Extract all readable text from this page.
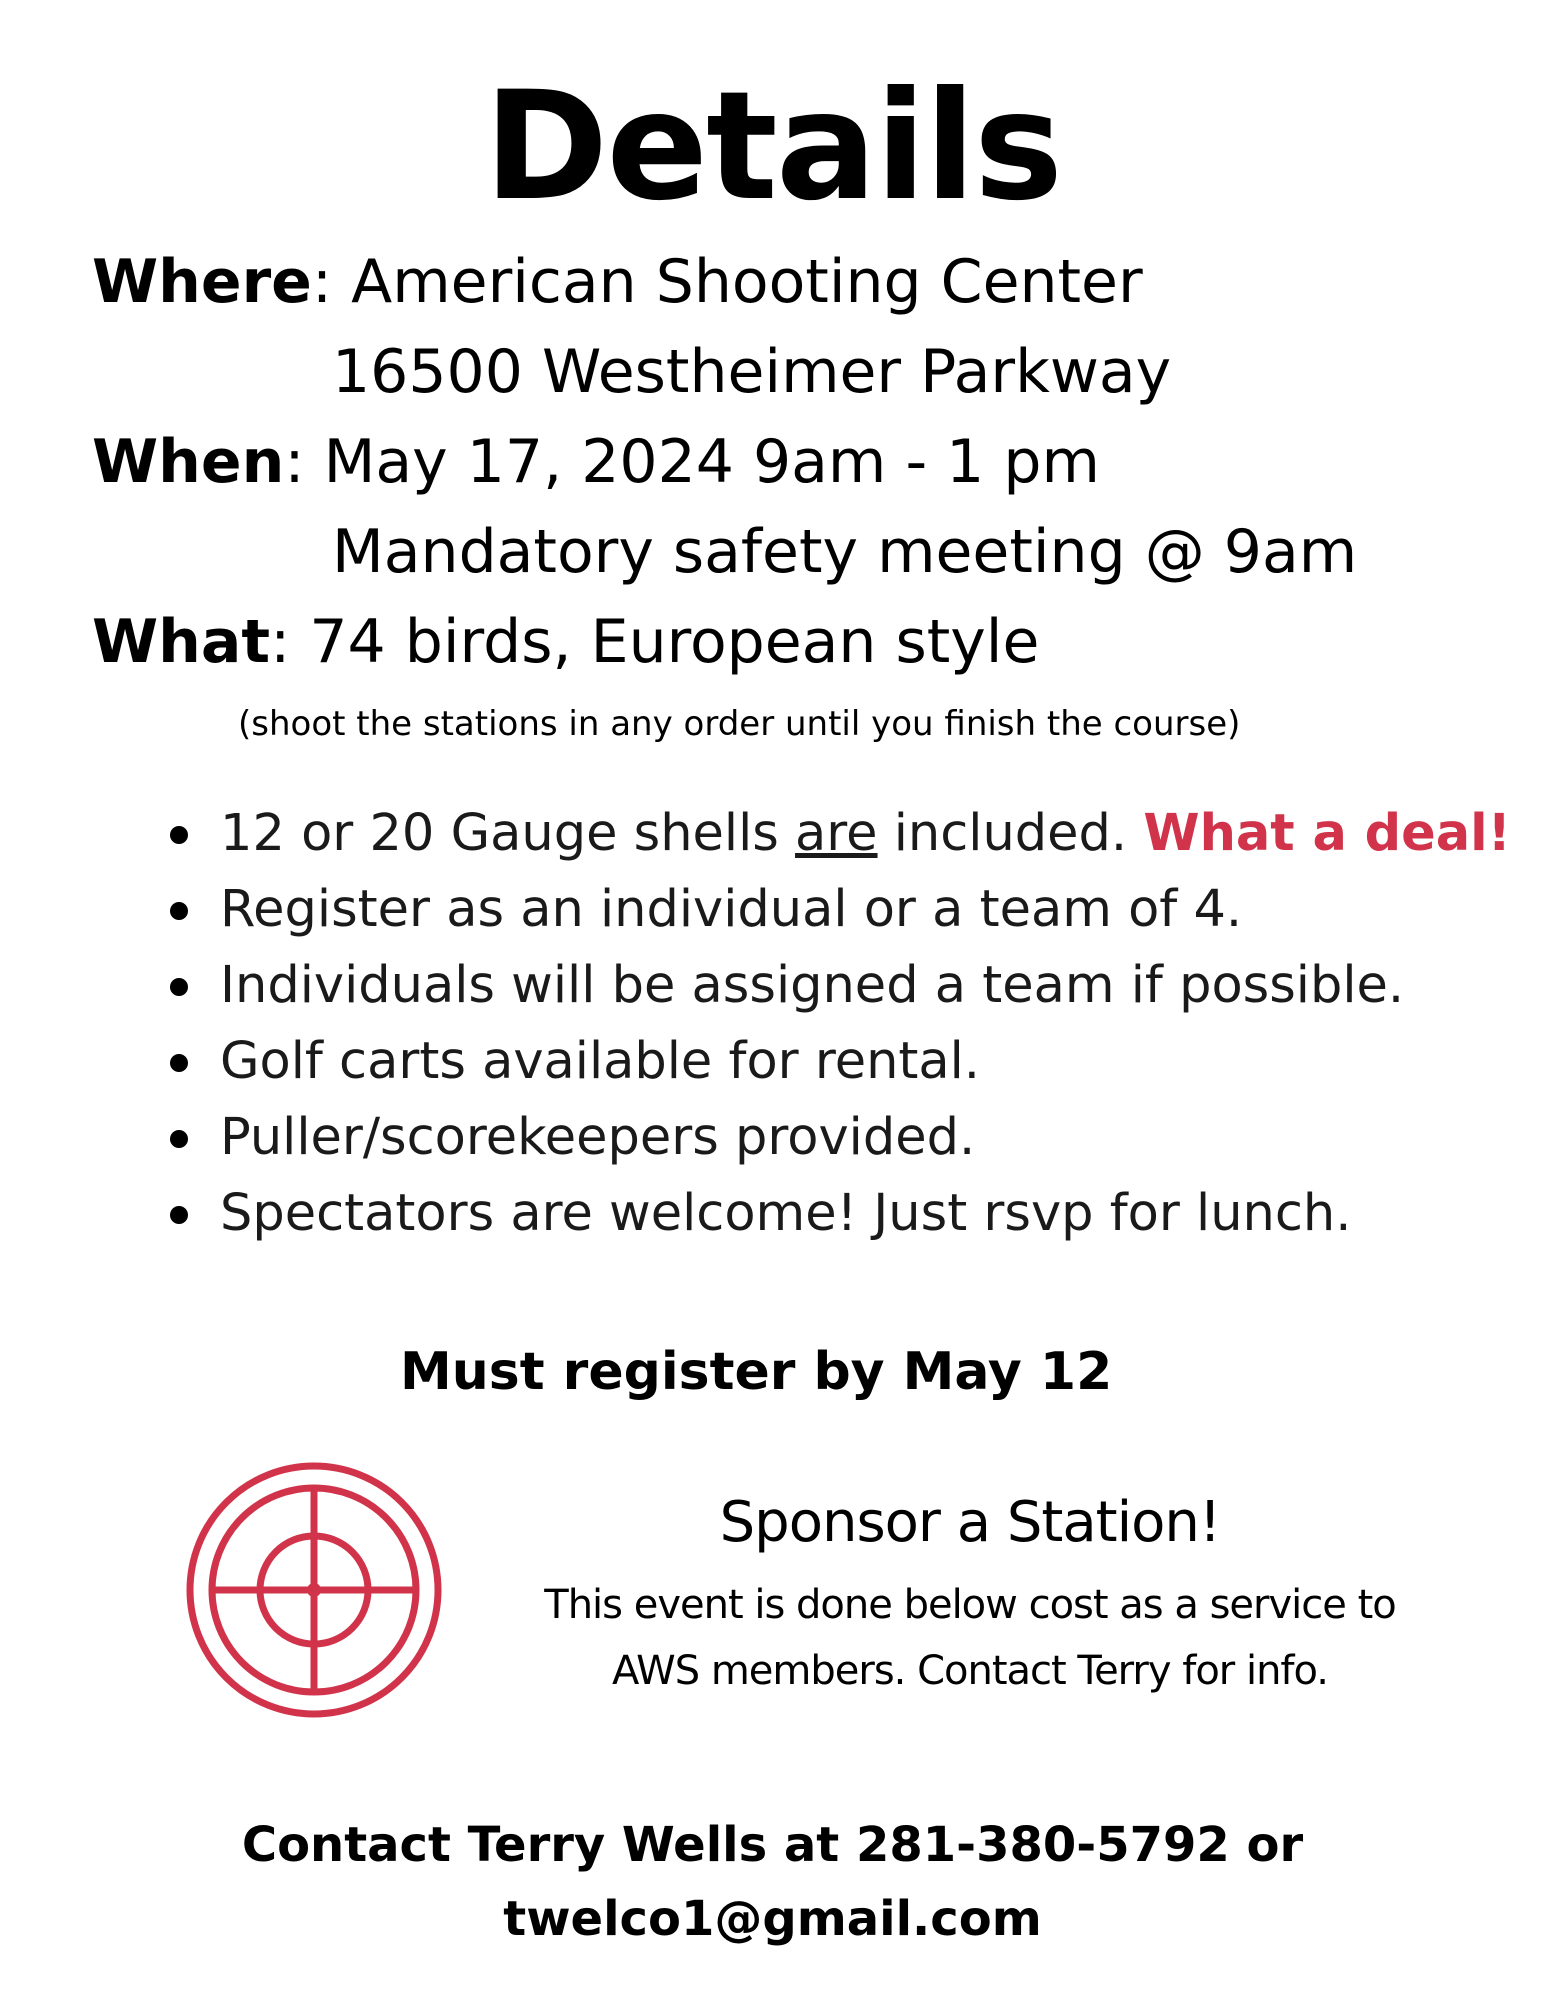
Details
Where: American Shooting Center
16500 Westheimer Parkway
When: May 17, 2024 9am - 1 pm
Mandatory safety meeting @ 9am
What: 74 birds, European style
(shoot the stations in any order until you finish the course)
12 or 20 Gauge shells are included. What a deal!
Register as an individual or a team of 4.
Individuals will be assigned a team if possible.
Golf carts available for rental.
Puller/scorekeepers provided.
Spectators are welcome! Just rsvp for lunch.
Must register by May 12
Sponsor a Station!
This event is done below cost as a service to
AWS members. Contact Terry for info.
Contact Terry Wells at 281-380-5792 or
twelco1@gmail.com
